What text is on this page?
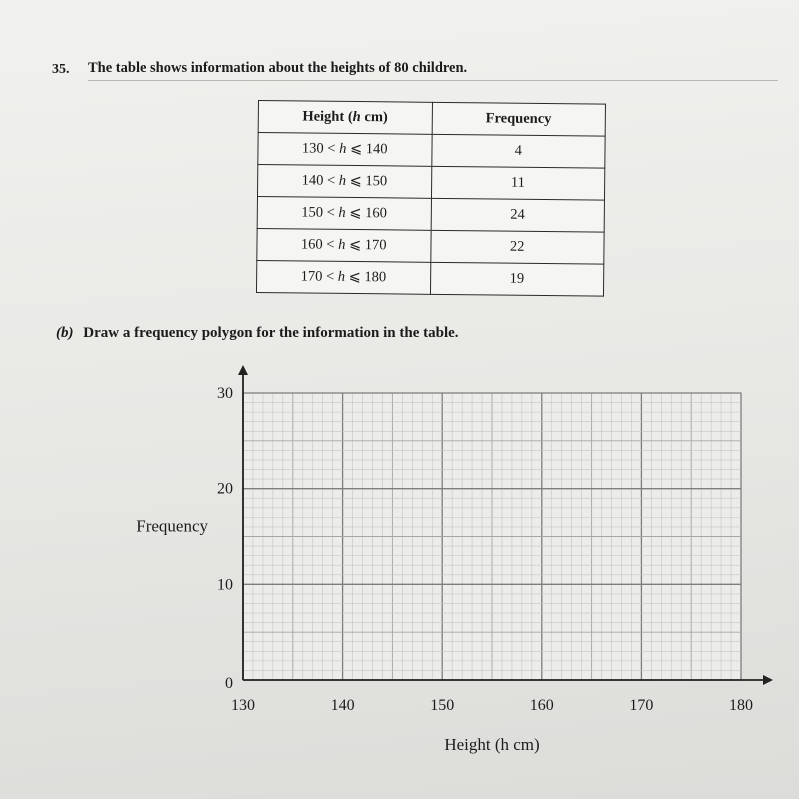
35. The table shows information about the heights of 80 children.
Height (h cm)	Frequency
130 < h ⩽ 140	4
140 < h ⩽ 150	11
150 < h ⩽ 160	24
160 < h ⩽ 170	22
170 < h ⩽ 180	19
(b) Draw a frequency polygon for the information in the table.
130	140	150	160	170	180
0
10
20
30
Height (h cm)
Frequency
